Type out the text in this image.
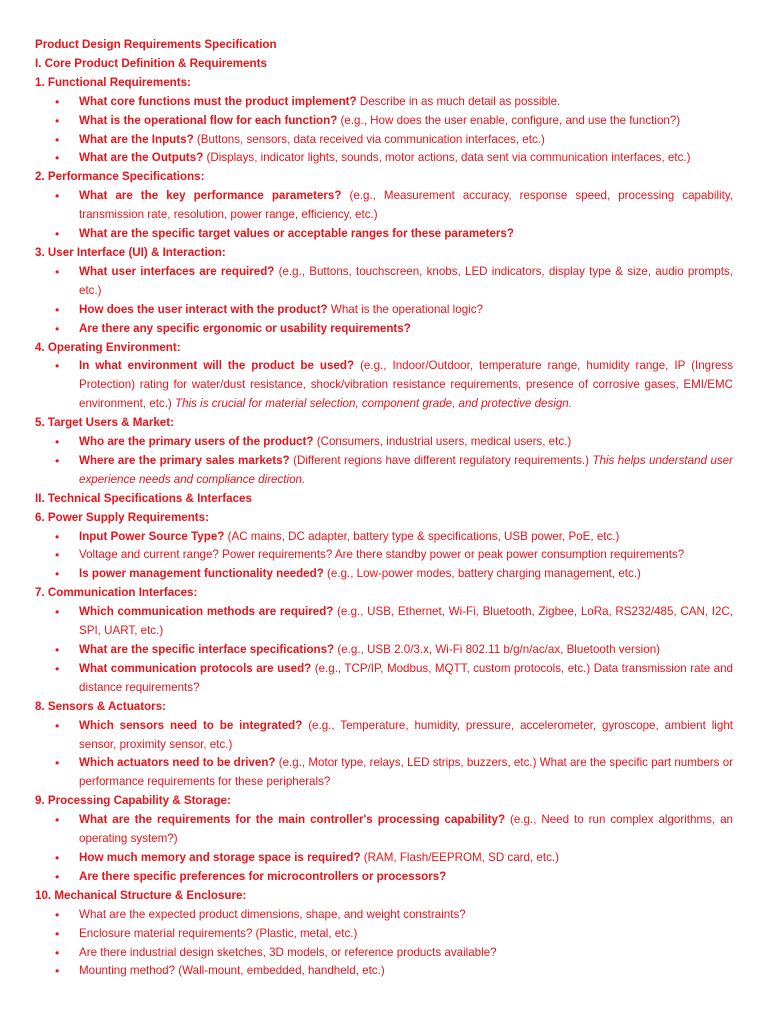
Product Design Requirements Specification
I. Core Product Definition & Requirements
1. Functional Requirements:
• What core functions must the product implement? Describe in as much detail as possible.
• What is the operational flow for each function? (e.g., How does the user enable, configure, and use the function?)
• What are the Inputs? (Buttons, sensors, data received via communication interfaces, etc.)
• What are the Outputs? (Displays, indicator lights, sounds, motor actions, data sent via communication interfaces, etc.)
2. Performance Specifications:
• What are the key performance parameters? (e.g., Measurement accuracy, response speed, processing capability, transmission rate, resolution, power range, efficiency, etc.)
• What are the specific target values or acceptable ranges for these parameters?
3. User Interface (UI) & Interaction:
• What user interfaces are required? (e.g., Buttons, touchscreen, knobs, LED indicators, display type & size, audio prompts, etc.)
• How does the user interact with the product? What is the operational logic?
• Are there any specific ergonomic or usability requirements?
4. Operating Environment:
• In what environment will the product be used? (e.g., Indoor/Outdoor, temperature range, humidity range, IP (Ingress Protection) rating for water/dust resistance, shock/vibration resistance requirements, presence of corrosive gases, EMI/EMC environment, etc.) This is crucial for material selection, component grade, and protective design.
5. Target Users & Market:
• Who are the primary users of the product? (Consumers, industrial users, medical users, etc.)
• Where are the primary sales markets? (Different regions have different regulatory requirements.) This helps understand user experience needs and compliance direction.
II. Technical Specifications & Interfaces
6. Power Supply Requirements:
• Input Power Source Type? (AC mains, DC adapter, battery type & specifications, USB power, PoE, etc.)
• Voltage and current range? Power requirements? Are there standby power or peak power consumption requirements?
• Is power management functionality needed? (e.g., Low-power modes, battery charging management, etc.)
7. Communication Interfaces:
• Which communication methods are required? (e.g., USB, Ethernet, Wi-Fi, Bluetooth, Zigbee, LoRa, RS232/485, CAN, I2C, SPI, UART, etc.)
• What are the specific interface specifications? (e.g., USB 2.0/3.x, Wi-Fi 802.11 b/g/n/ac/ax, Bluetooth version)
• What communication protocols are used? (e.g., TCP/IP, Modbus, MQTT, custom protocols, etc.) Data transmission rate and distance requirements?
8. Sensors & Actuators:
• Which sensors need to be integrated? (e.g., Temperature, humidity, pressure, accelerometer, gyroscope, ambient light sensor, proximity sensor, etc.)
• Which actuators need to be driven? (e.g., Motor type, relays, LED strips, buzzers, etc.) What are the specific part numbers or performance requirements for these peripherals?
9. Processing Capability & Storage:
• What are the requirements for the main controller's processing capability? (e.g., Need to run complex algorithms, an operating system?)
• How much memory and storage space is required? (RAM, Flash/EEPROM, SD card, etc.)
• Are there specific preferences for microcontrollers or processors?
10. Mechanical Structure & Enclosure:
• What are the expected product dimensions, shape, and weight constraints?
• Enclosure material requirements? (Plastic, metal, etc.)
• Are there industrial design sketches, 3D models, or reference products available?
• Mounting method? (Wall-mount, embedded, handheld, etc.)
